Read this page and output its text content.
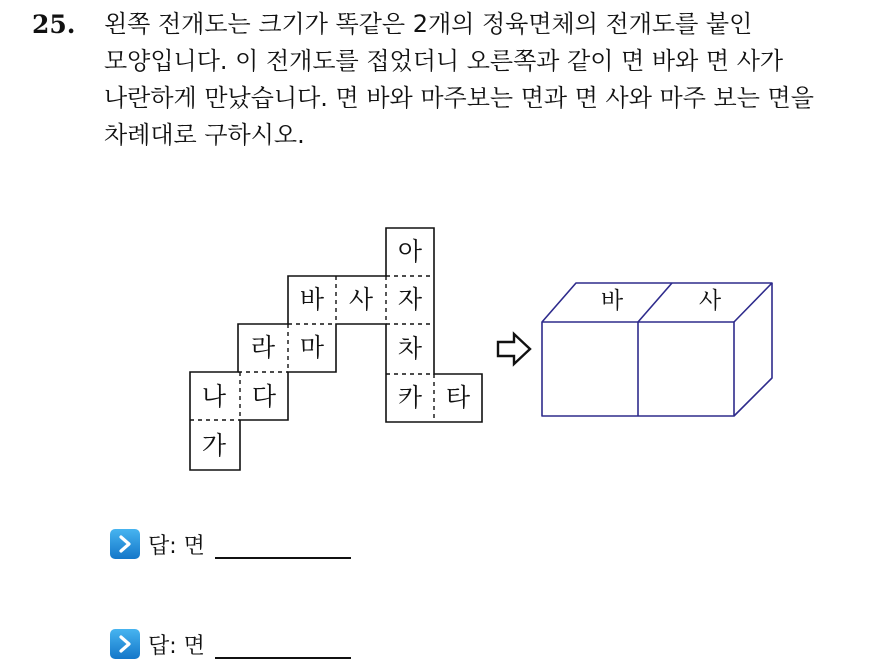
25. 왼쪽 전개도는 크기가 똑같은 2개의 정육면체의 전개도를 붙인
모양입니다. 이 전개도를 접었더니 오른쪽과 같이 면 바와 면 사가
나란하게 만났습니다. 면 바와 마주보는 면과 면 사와 마주 보는 면을
차례대로 구하시오.
아
바 사 자
라 마	차
나 다	카 타
가
바	사
답: 면
답: 면
